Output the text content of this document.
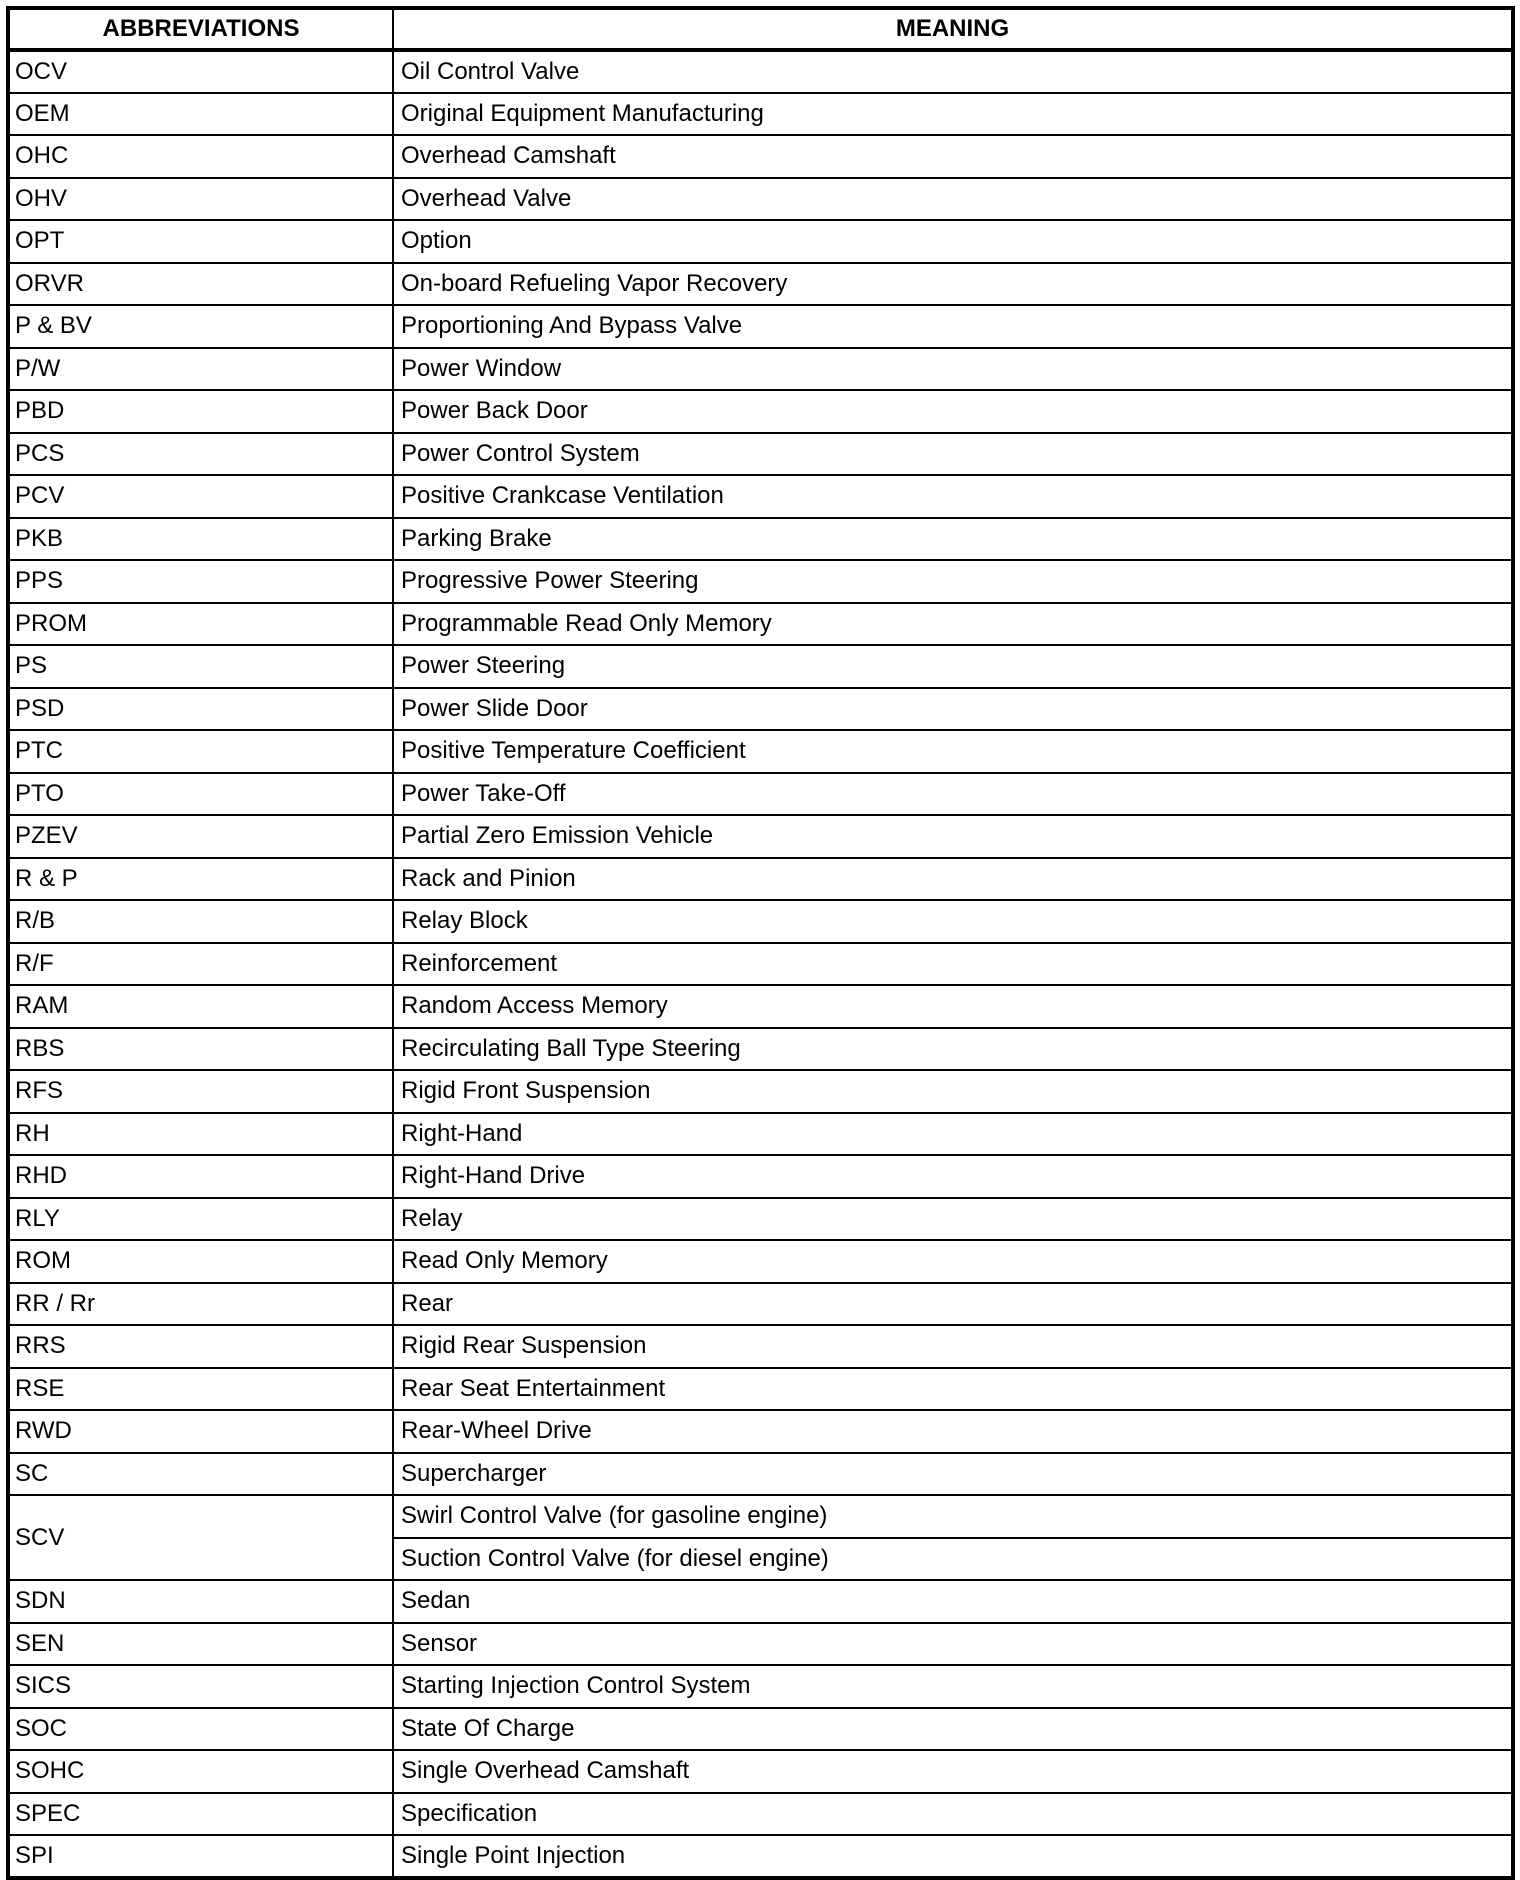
ABBREVIATIONS	MEANING
OCV	Oil Control Valve
OEM	Original Equipment Manufacturing
OHC	Overhead Camshaft
OHV	Overhead Valve
OPT	Option
ORVR	On-board Refueling Vapor Recovery
P & BV	Proportioning And Bypass Valve
P/W	Power Window
PBD	Power Back Door
PCS	Power Control System
PCV	Positive Crankcase Ventilation
PKB	Parking Brake
PPS	Progressive Power Steering
PROM	Programmable Read Only Memory
PS	Power Steering
PSD	Power Slide Door
PTC	Positive Temperature Coefficient
PTO	Power Take-Off
PZEV	Partial Zero Emission Vehicle
R & P	Rack and Pinion
R/B	Relay Block
R/F	Reinforcement
RAM	Random Access Memory
RBS	Recirculating Ball Type Steering
RFS	Rigid Front Suspension
RH	Right-Hand
RHD	Right-Hand Drive
RLY	Relay
ROM	Read Only Memory
RR / Rr	Rear
RRS	Rigid Rear Suspension
RSE	Rear Seat Entertainment
RWD	Rear-Wheel Drive
SC	Supercharger
SCV	Swirl Control Valve (for gasoline engine)
	Suction Control Valve (for diesel engine)
SDN	Sedan
SEN	Sensor
SICS	Starting Injection Control System
SOC	State Of Charge
SOHC	Single Overhead Camshaft
SPEC	Specification
SPI	Single Point Injection
